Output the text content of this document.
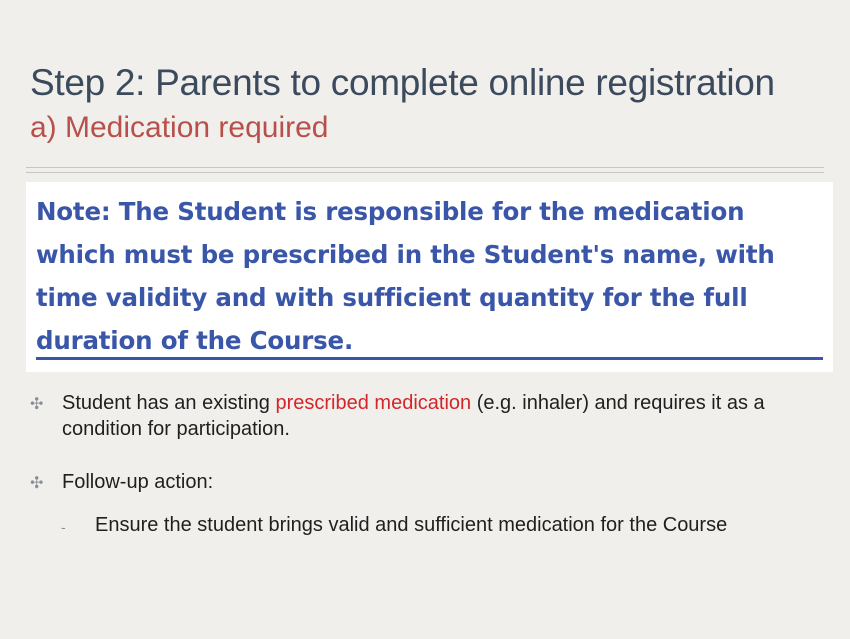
Step 2: Parents to complete online registration
a) Medication required
Note: The Student is responsible for the medication
which must be prescribed in the Student's name, with
time validity and with sufficient quantity for the full
duration of the Course.
✣ Student has an existing prescribed medication (e.g. inhaler) and requires it as a condition for participation.
✣ Follow-up action:
- Ensure the student brings valid and sufficient medication for the Course
